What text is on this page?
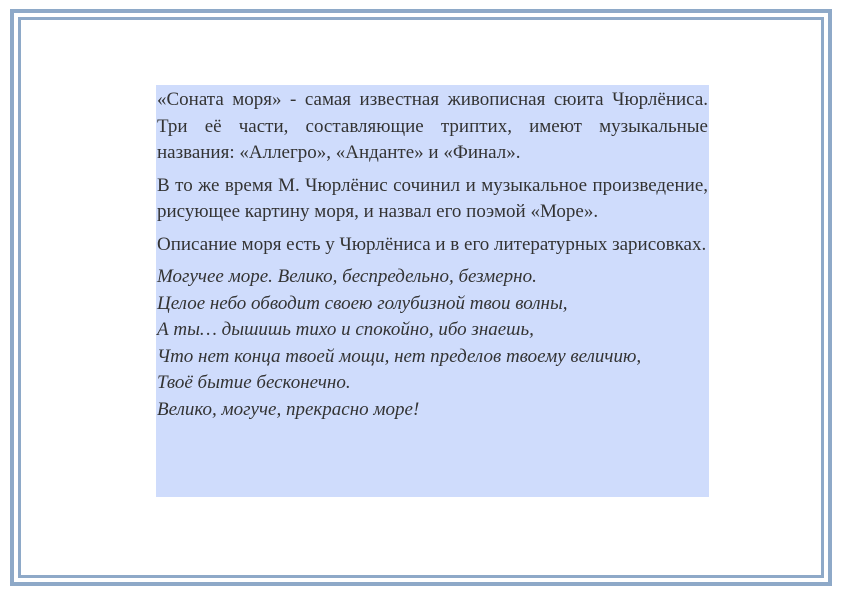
«Соната моря» - самая известная живописная сюита Чюрлёниса. Три её части, составляющие триптих, имеют музыкальные названия: «Аллегро», «Анданте» и «Финал».

В то же время М. Чюрлёнис сочинил и музыкальное произведение, рисующее картину моря, и назвал его поэмой «Море».

Описание моря есть у Чюрлёниса и в его литературных зарисовках.

Могучее море. Велико, беспредельно, безмерно.
Целое небо обводит своею голубизной твои волны,
А ты… дышишь тихо и спокойно, ибо знаешь,
Что нет конца твоей мощи, нет пределов твоему величию,
Твоё бытие бесконечно.
Велико, могуче, прекрасно море!
